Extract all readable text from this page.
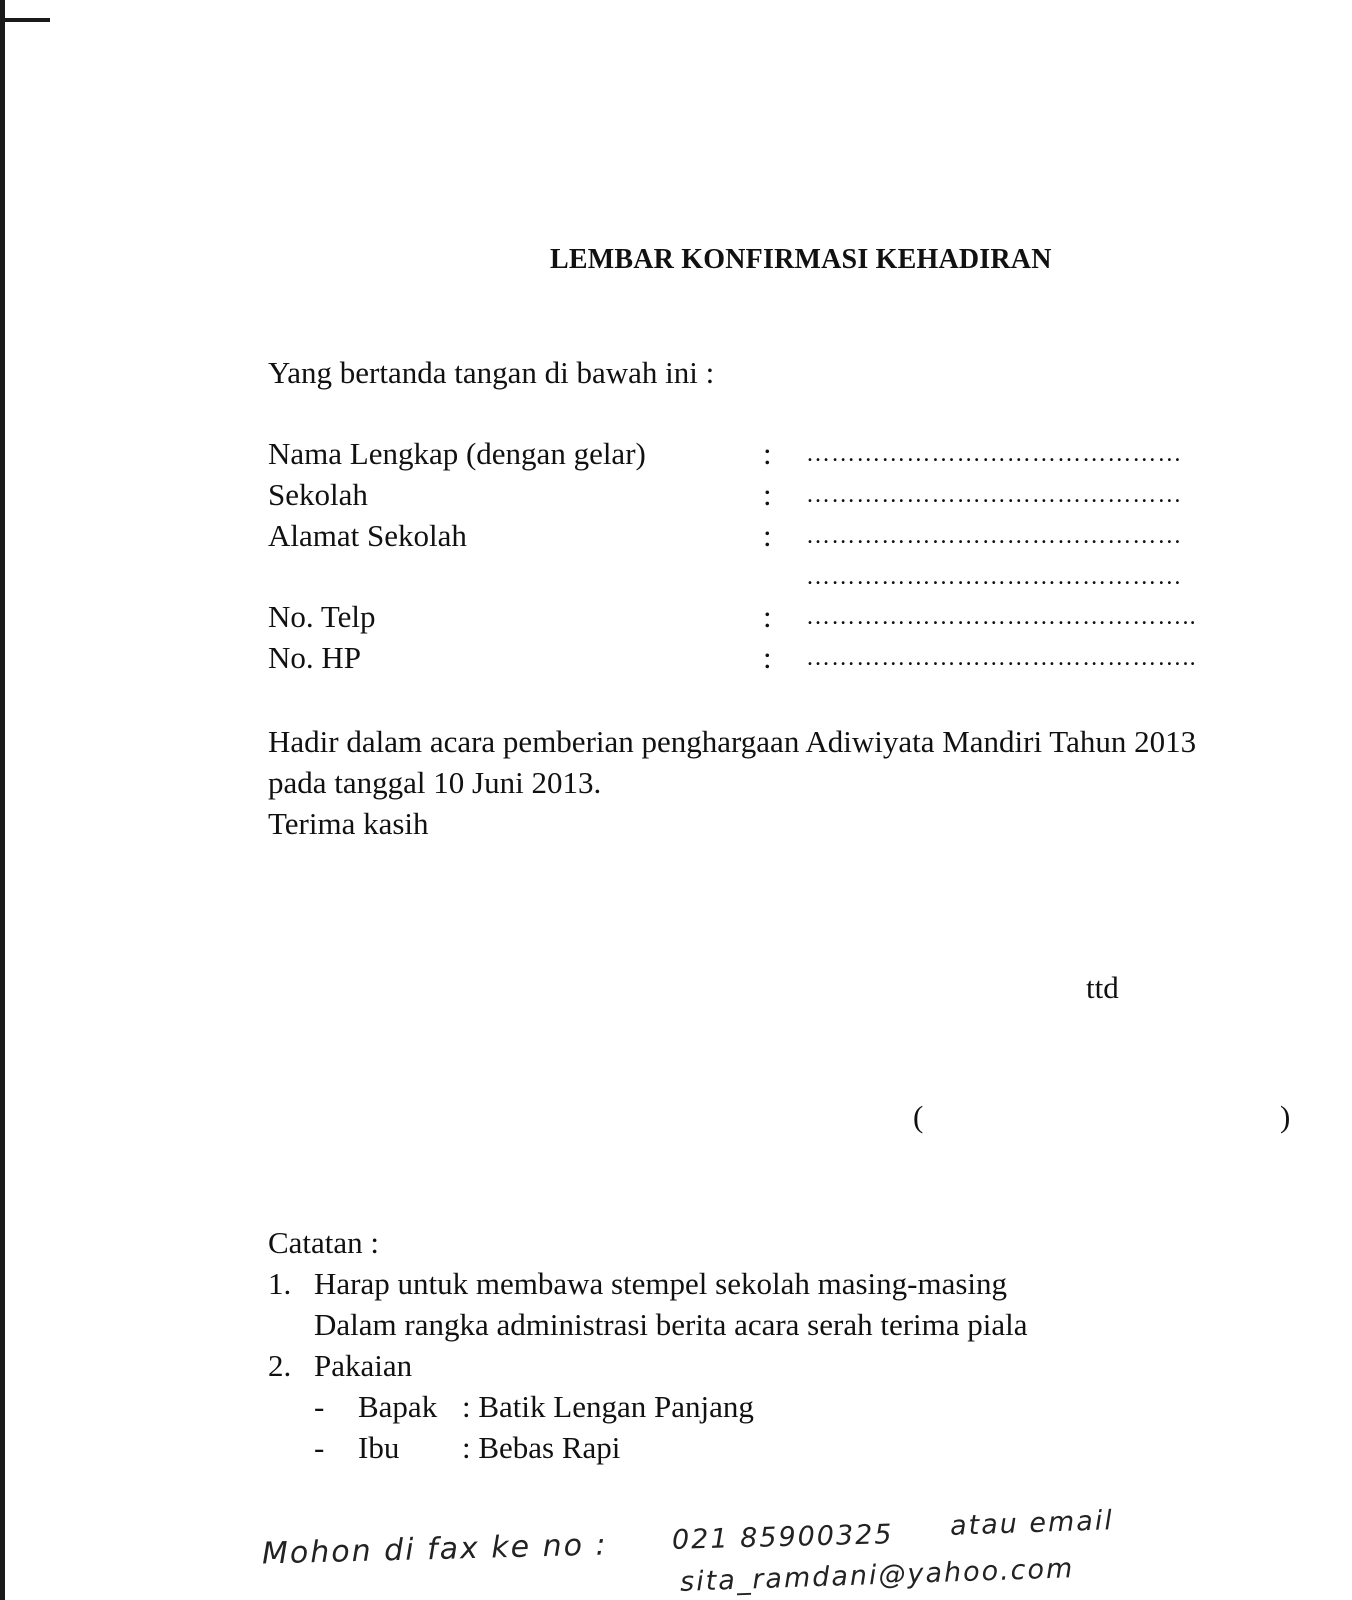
LEMBAR KONFIRMASI KEHADIRAN
Yang bertanda tangan di bawah ini :
Nama Lengkap (dengan gelar)	: ………………………………………
Sekolah	: ………………………………………
Alamat Sekolah	: ………………………………………
………………………………………
No. Telp	: ………………………………………..
No. HP	: ………………………………………..
Hadir dalam acara pemberian penghargaan Adiwiyata Mandiri Tahun 2013
pada tanggal 10 Juni 2013.
Terima kasih
ttd
(	)
Catatan :
1. Harap untuk membawa stempel sekolah masing-masing
Dalam rangka administrasi berita acara serah terima piala
2. Pakaian
- Bapak : Batik Lengan Panjang
- Ibu : Bebas Rapi
Mohon di fax ke no : 021 85900325 atau email
sita_ramdani@yahoo.com
